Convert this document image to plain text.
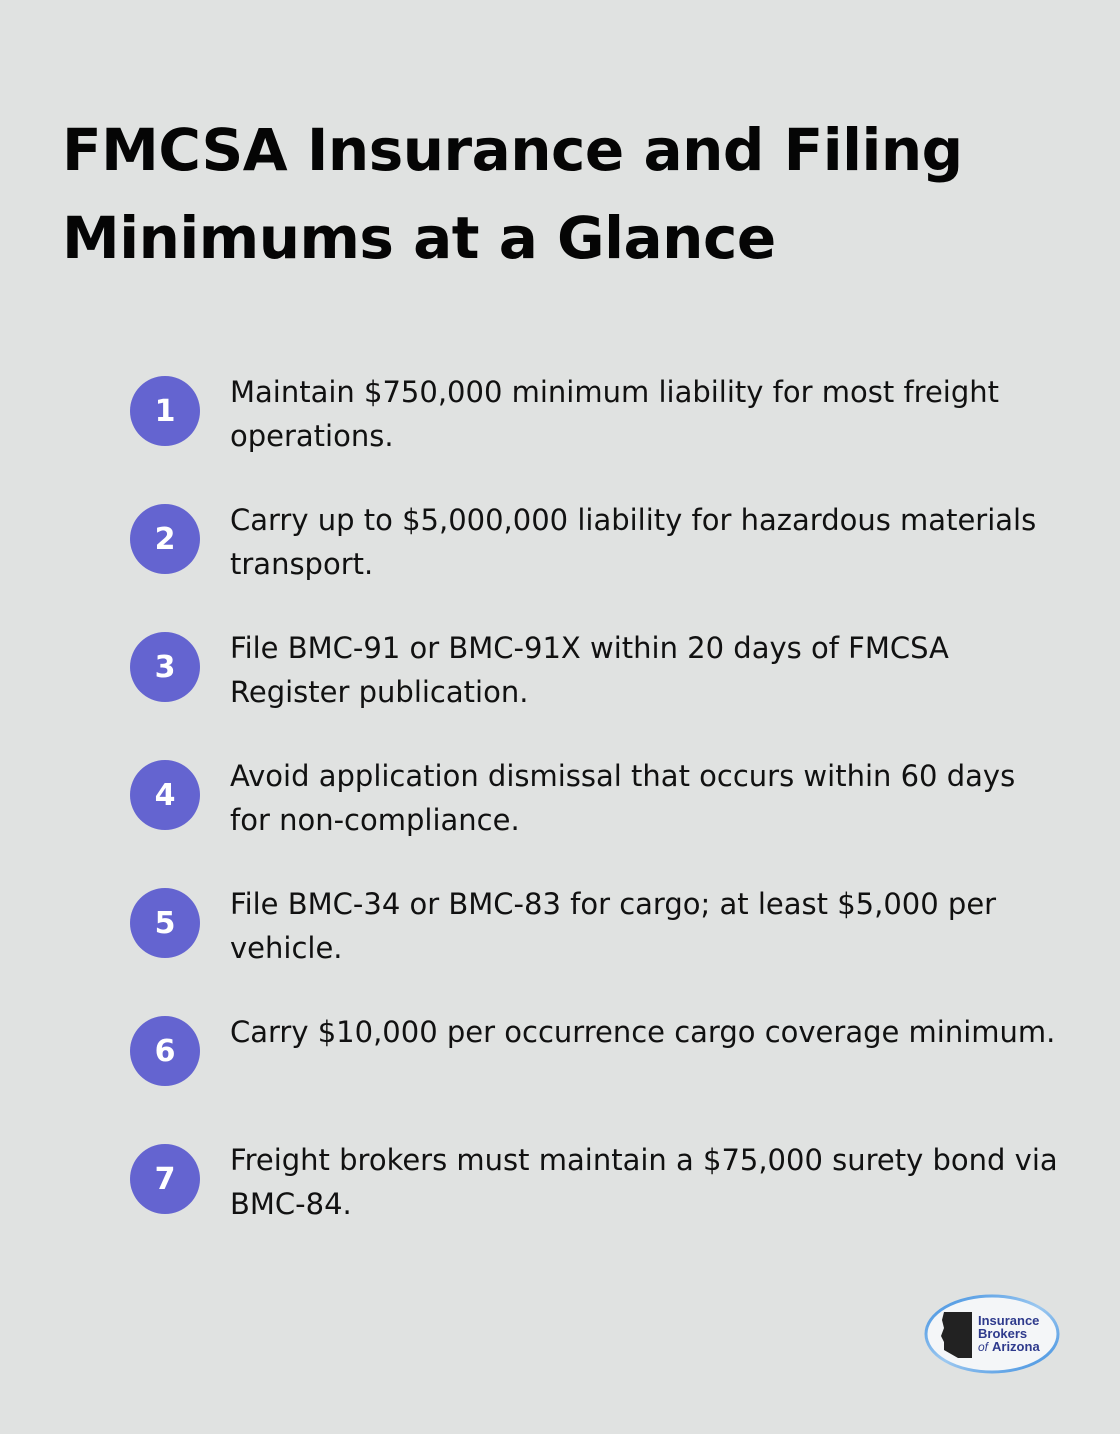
FMCSA Insurance and Filing Minimums at a Glance
1
Maintain $750,000 minimum liability for most freight operations.
2
Carry up to $5,000,000 liability for hazardous materials transport.
3
File BMC-91 or BMC-91X within 20 days of FMCSA Register publication.
4
Avoid application dismissal that occurs within 60 days for non-compliance.
5
File BMC-34 or BMC-83 for cargo; at least $5,000 per vehicle.
6
Carry $10,000 per occurrence cargo coverage minimum.
7
Freight brokers must maintain a $75,000 surety bond via BMC-84.
Insurance
Brokers
of Arizona
